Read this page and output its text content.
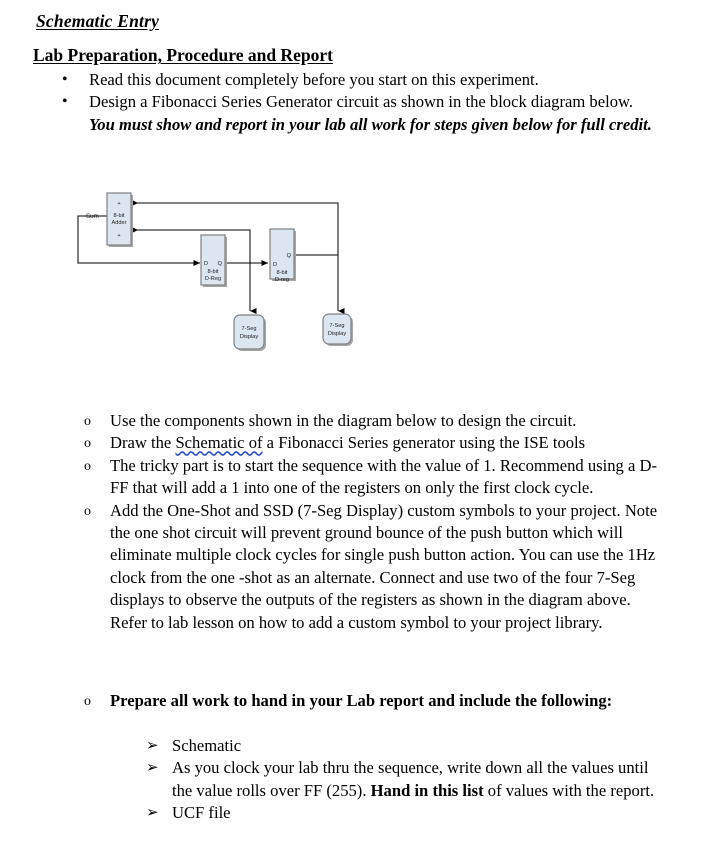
Schematic Entry
Lab Preparation, Procedure and Report
•	Read this document completely before you start on this experiment.
•	Design a Fibonacci Series Generator circuit as shown in the block diagram below. You must show and report in your lab all work for steps given below for full credit.
+
8-bit
Adder
+
Sum
D Q
8-bit
D-Reg
Q
D
8-bit
D-reg
7-Seg
Display
7-Seg
Display
o	Use the components shown in the diagram below to design the circuit.
o	Draw the Schematic of a Fibonacci Series generator using the ISE tools
o	The tricky part is to start the sequence with the value of 1. Recommend using a D-FF that will add a 1 into one of the registers on only the first clock cycle.
o	Add the One-Shot and SSD (7-Seg Display) custom symbols to your project. Note the one shot circuit will prevent ground bounce of the push button which will eliminate multiple clock cycles for single push button action. You can use the 1Hz clock from the one -shot as an alternate. Connect and use two of the four 7-Seg displays to observe the outputs of the registers as shown in the diagram above. Refer to lab lesson on how to add a custom symbol to your project library.
o	Prepare all work to hand in your Lab report and include the following:
➢ Schematic
➢ As you clock your lab thru the sequence, write down all the values until the value rolls over FF (255). Hand in this list of values with the report.
➢ UCF file
